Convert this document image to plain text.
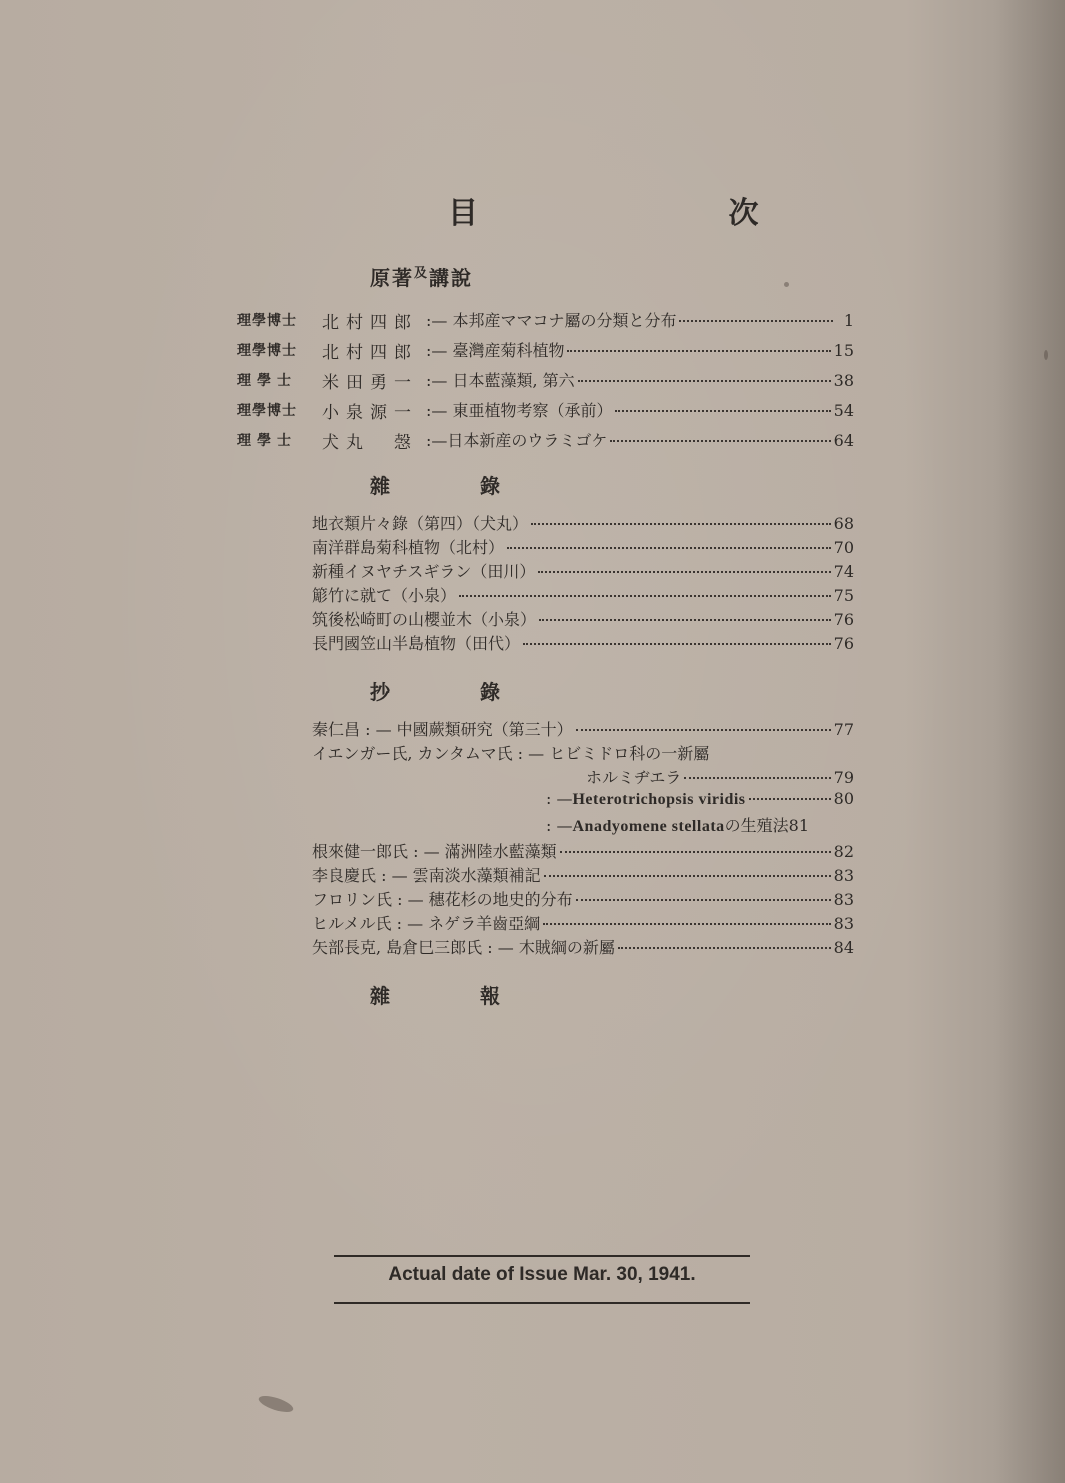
目 次
原著$^及$講說
理學博士 北村四郎 :— 本邦産ママコナ屬の分類と分布	1
理學博士 北村四郎 :— 臺灣産菊科植物	15
理學士 米田勇一 :— 日本藍藻類, 第六	38
理學博士 小泉源一 :— 東亜植物考察（承前）	54
理學士 犬丸　愨 :—日本新産のウラミゴケ	64
雜錄
地衣類片々錄（第四）（犬丸）	68
南洋群島菊科植物（北村）	70
新種イヌヤチスギラン（田川）	74
簓竹に就て（小泉）	75
筑後松崎町の山櫻並木（小泉）	76
長門國笠山半島植物（田代）	76
抄錄
秦仁昌 : — 中國蕨類研究（第三十）	77
イエンガー氏, カンタムマ氏 : — ヒビミドロ科の一新屬
ホルミヂエラ	79
: — Heterotrichopsis viridis	80
: — Anadyomene stellata の生殖法 81
根來健一郎氏 : — 滿洲陸水藍藻類	82
李良慶氏 : — 雲南淡水藻類補記	83
フロリン氏 : — 穗花杉の地史的分布	83
ヒルメル氏 : — ネゲラ羊齒亞綱	83
矢部長克, 島倉巳三郎氏 : — 木賊綱の新屬	84
雜報
Actual date of Issue Mar. 30, 1941.
